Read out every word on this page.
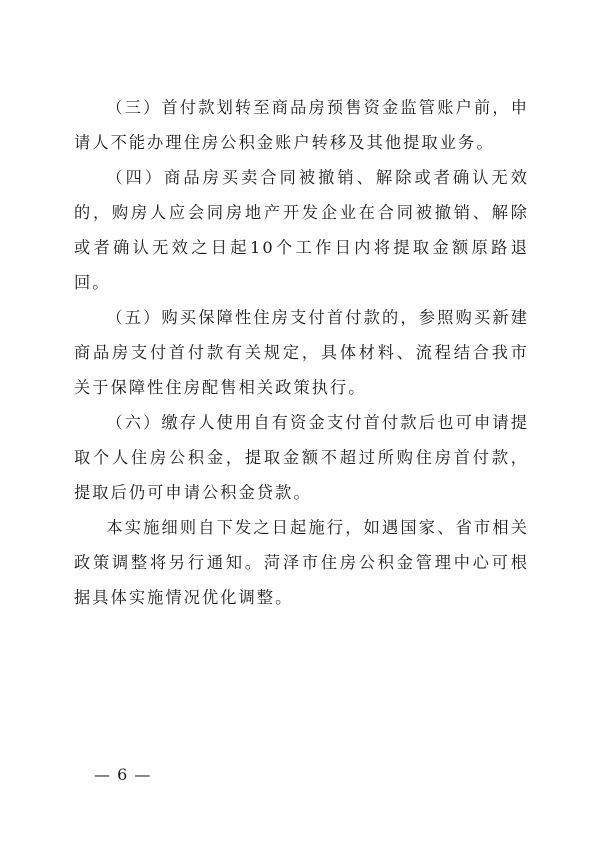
（三）首付款划转至商品房预售资金监管账户前，申请人不能办理住房公积金账户转移及其他提取业务。

（四）商品房买卖合同被撤销、解除或者确认无效的，购房人应会同房地产开发企业在合同被撤销、解除或者确认无效之日起10个工作日内将提取金额原路退回。

（五）购买保障性住房支付首付款的，参照购买新建商品房支付首付款有关规定，具体材料、流程结合我市关于保障性住房配售相关政策执行。

（六）缴存人使用自有资金支付首付款后也可申请提取个人住房公积金，提取金额不超过所购住房首付款，提取后仍可申请公积金贷款。

本实施细则自下发之日起施行，如遇国家、省市相关政策调整将另行通知。菏泽市住房公积金管理中心可根据具体实施情况优化调整。

— 6 —
